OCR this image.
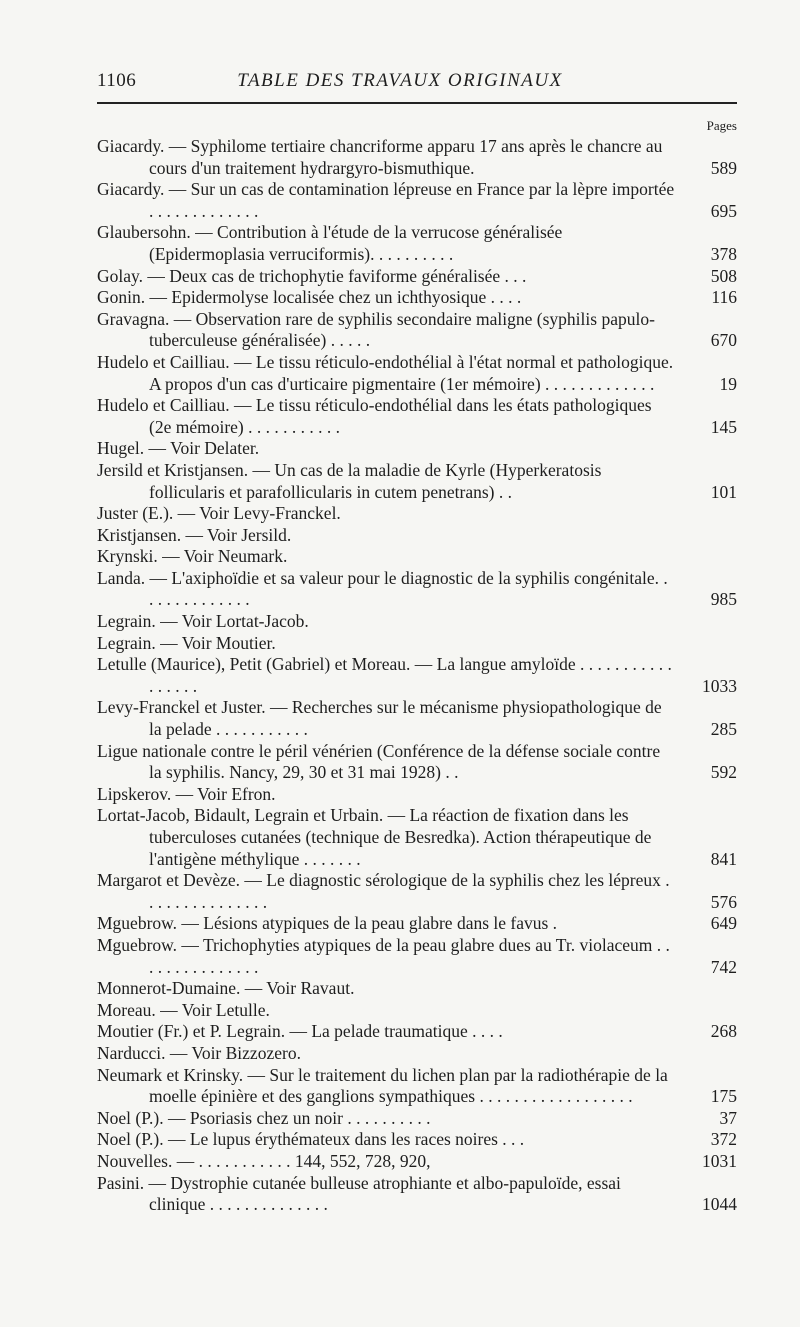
1106	TABLE DES TRAVAUX ORIGINAUX
Pages
Giacardy. — Syphilome tertiaire chancriforme apparu 17 ans après le chancre au cours d'un traitement hydrargyro-bismuthique.	589
Giacardy. — Sur un cas de contamination lépreuse en France par la lèpre importée . . . . . . . . . . . . .	695
Glaubersohn. — Contribution à l'étude de la verrucose généralisée (Epidermoplasia verruciformis). . . . . . . . . .	378
Golay. — Deux cas de trichophytie faviforme généralisée . . .	508
Gonin. — Epidermolyse localisée chez un ichthyosique . . . .	116
Gravagna. — Observation rare de syphilis secondaire maligne (syphilis papulo-tuberculeuse généralisée) . . . . .	670
Hudelo et Cailliau. — Le tissu réticulo-endothélial à l'état normal et pathologique. A propos d'un cas d'urticaire pigmentaire (1er mémoire) . . . . . . . . . . . . .	19
Hudelo et Cailliau. — Le tissu réticulo-endothélial dans les états pathologiques (2e mémoire) . . . . . . . . . . .	145
Hugel. — Voir Delater.
Jersild et Kristjansen. — Un cas de la maladie de Kyrle (Hyperkeratosis follicularis et parafollicularis in cutem penetrans) . .	101
Juster (E.). — Voir Levy-Franckel.
Kristjansen. — Voir Jersild.
Krynski. — Voir Neumark.
Landa. — L'axiphoïdie et sa valeur pour le diagnostic de la syphilis congénitale. . . . . . . . . . . . . .	985
Legrain. — Voir Lortat-Jacob.
Legrain. — Voir Moutier.
Letulle (Maurice), Petit (Gabriel) et Moreau. — La langue amyloïde . . . . . . . . . . . . . . . . .	1033
Levy-Franckel et Juster. — Recherches sur le mécanisme physiopathologique de la pelade . . . . . . . . . . .	285
Ligue nationale contre le péril vénérien (Conférence de la défense sociale contre la syphilis. Nancy, 29, 30 et 31 mai 1928) . .	592
Lipskerov. — Voir Efron.
Lortat-Jacob, Bidault, Legrain et Urbain. — La réaction de fixation dans les tuberculoses cutanées (technique de Besredka). Action thérapeutique de l'antigène méthylique . . . . . . .	841
Margarot et Devèze. — Le diagnostic sérologique de la syphilis chez les lépreux . . . . . . . . . . . . . . .	576
Mguebrow. — Lésions atypiques de la peau glabre dans le favus .	649
Mguebrow. — Trichophyties atypiques de la peau glabre dues au Tr. violaceum . . . . . . . . . . . . . . .	742
Monnerot-Dumaine. — Voir Ravaut.
Moreau. — Voir Letulle.
Moutier (Fr.) et P. Legrain. — La pelade traumatique . . . .	268
Narducci. — Voir Bizzozero.
Neumark et Krinsky. — Sur le traitement du lichen plan par la radiothérapie de la moelle épinière et des ganglions sympathiques . . . . . . . . . . . . . . . . . .	175
Noel (P.). — Psoriasis chez un noir . . . . . . . . . .	37
Noel (P.). — Le lupus érythémateux dans les races noires . . .	372
Nouvelles. — . . . . . . . . . . . 144, 552, 728, 920,	1031
Pasini. — Dystrophie cutanée bulleuse atrophiante et albo-papuloïde, essai clinique . . . . . . . . . . . . . .	1044
